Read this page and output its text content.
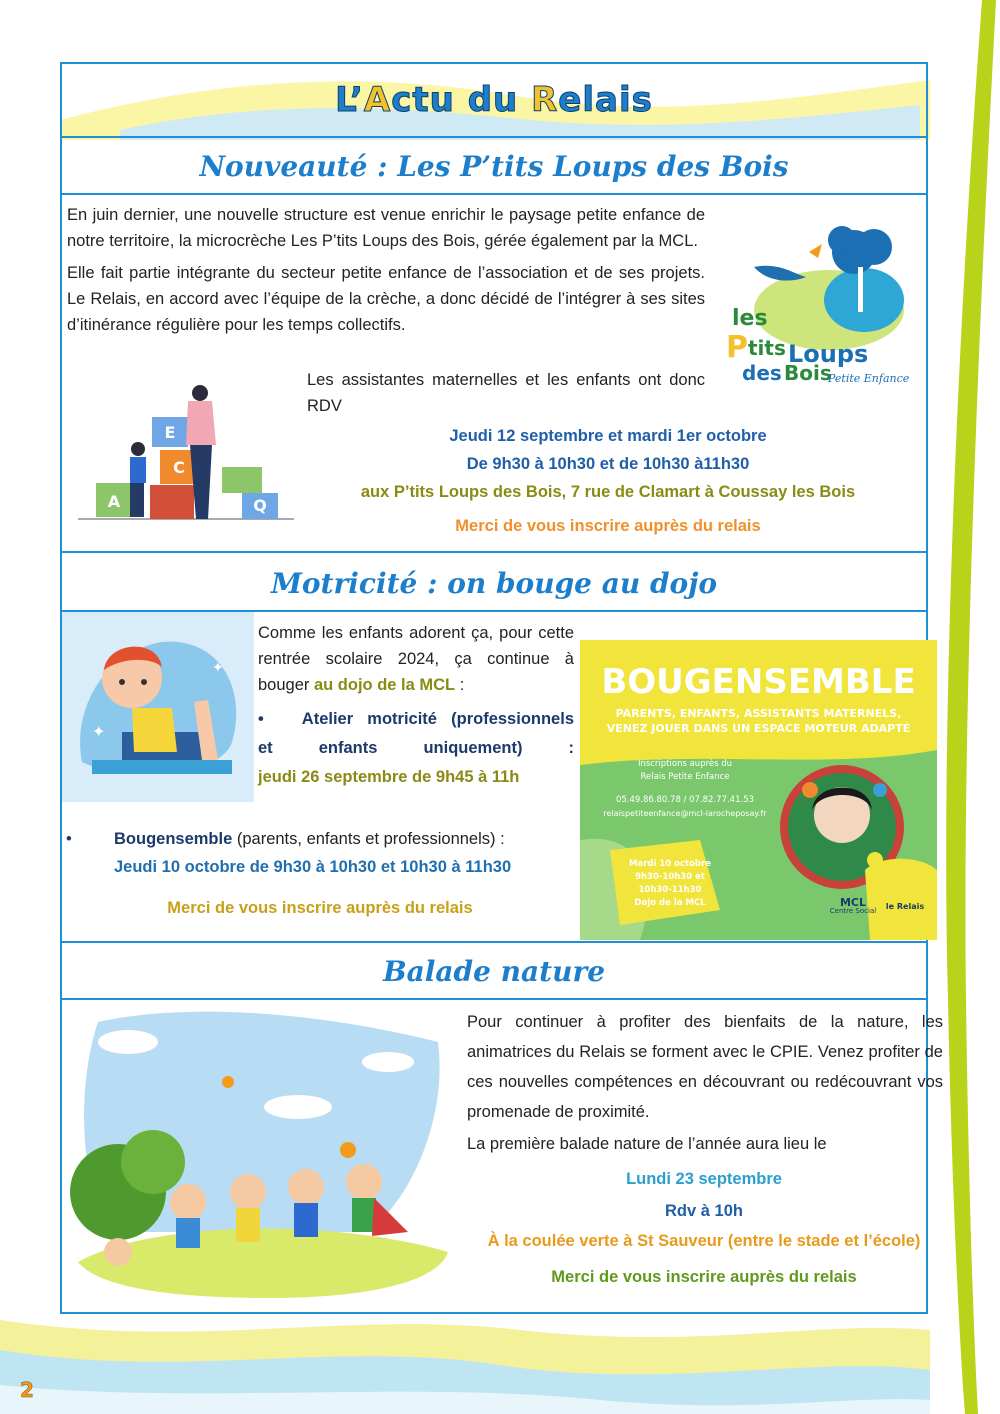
L’Actu du Relais
Nouveauté : Les P’tits Loups des Bois

En juin dernier, une nouvelle structure est venue enrichir le paysage petite enfance de notre territoire, la microcrèche Les P’tits Loups des Bois, gérée également par la MCL.

Elle fait partie intégrante du secteur petite enfance de l’association et de ses projets. Le Relais, en accord avec l’équipe de la crèche, a donc décidé de l’intégrer à ses sites d’itinérance régulière pour les temps collectifs.

Les assistantes maternelles et les enfants ont donc RDV

les
P tits Loups
des Bois
Petite Enfance
E
C
A	Q
Jeudi 12 septembre et mardi 1er octobre
De 9h30 à 10h30 et de 10h30 à11h30
aux P’tits Loups des Bois, 7 rue de Clamart à Coussay les Bois
Merci de vous inscrire auprès du relais
Motricité : on bouge au dojo
✦
✦

Comme les enfants adorent ça, pour cette rentrée scolaire 2024, ça continue à bouger au dojo de la MCL :

• Atelier motricité (professionnels et enfants uniquement) :
jeudi 26 septembre de 9h45 à 11h
•	Bougensemble (parents, enfants et professionnels) :
Jeudi 10 octobre de 9h30 à 10h30 et 10h30 à 11h30
Merci de vous inscrire auprès du relais
BOUGENSEMBLE
PARENTS, ENFANTS, ASSISTANTS MATERNELS,
VENEZ JOUER DANS UN ESPACE MOTEUR ADAPTÉ
Inscriptions auprès du
Relais Petite Enfance
05.49.86.80.78 / 07.82.77.41.53
relaispetiteenfance@mcl-larocheposay.fr
Mardi 10 octobre
9h30-10h30 et
10h30-11h30
Dojo de la MCL	MCL
Centre Social	le Relais
Balade nature

Pour continuer à profiter des bienfaits de la nature, les animatrices du Relais se forment avec le CPIE. Venez profiter de ces nouvelles compétences en découvrant ou redécouvrant vos promenade de proximité.

La première balade nature de l’année aura lieu le

Lundi 23 septembre
Rdv à 10h
À la coulée verte à St Sauveur (entre le stade et l’école)
Merci de vous inscrire auprès du relais
2
